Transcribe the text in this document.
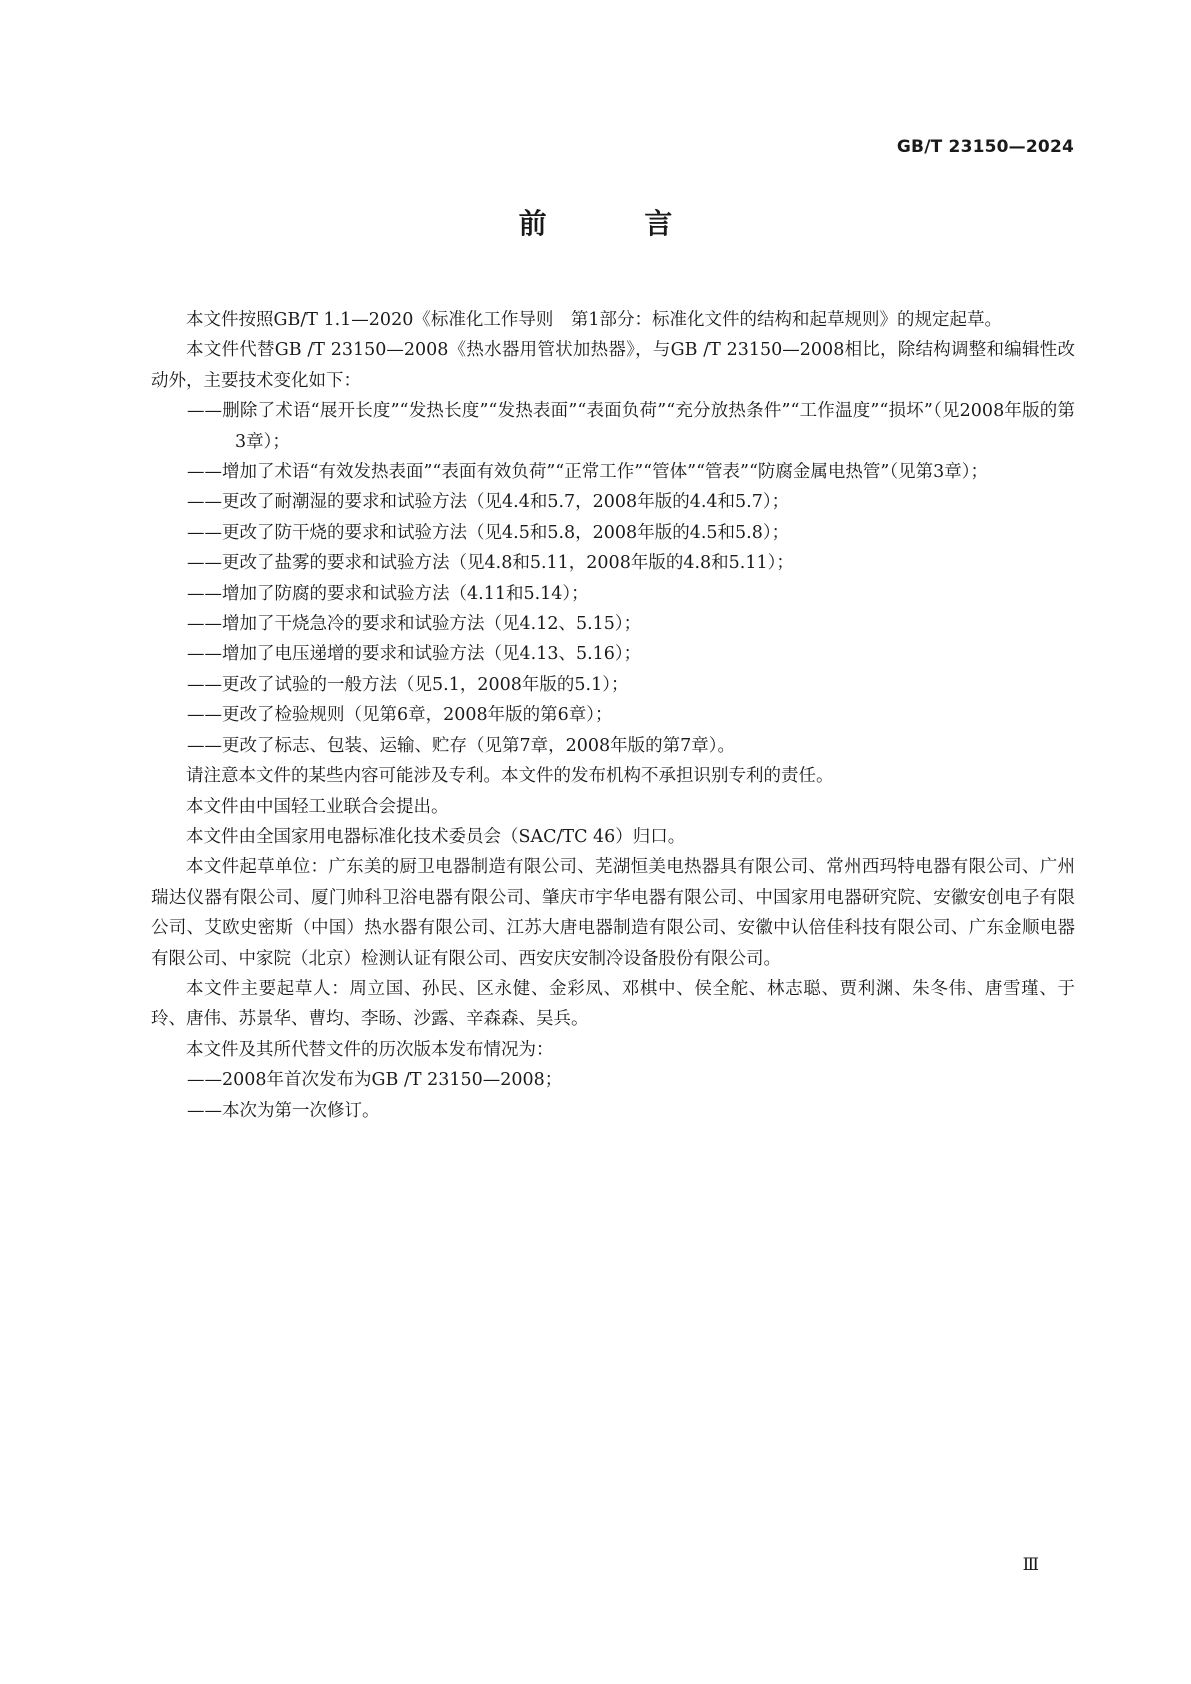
GB/T 23150—2024
前 言

本文件按照GB/T 1.1—2020《标准化工作导则　第1部分：标准化文件的结构和起草规则》的规定起草。

本文件代替GB /T 23150—2008《热水器用管状加热器》，与GB /T 23150—2008相比，除结构调整和编辑性改动外，主要技术变化如下：

——删除了术语“展开长度”“发热长度”“发热表面”“表面负荷”“充分放热条件”“工作温度”“损坏”（见2008年版的第3章）；

——增加了术语“有效发热表面”“表面有效负荷”“正常工作”“管体”“管表”“防腐金属电热管”（见第3章）；

——更改了耐潮湿的要求和试验方法（见4.4和5.7，2008年版的4.4和5.7）；

——更改了防干烧的要求和试验方法（见4.5和5.8，2008年版的4.5和5.8）；

——更改了盐雾的要求和试验方法（见4.8和5.11，2008年版的4.8和5.11）；

——增加了防腐的要求和试验方法（4.11和5.14）；

——增加了干烧急冷的要求和试验方法（见4.12、5.15）；

——增加了电压递增的要求和试验方法（见4.13、5.16）；

——更改了试验的一般方法（见5.1，2008年版的5.1）；

——更改了检验规则（见第6章，2008年版的第6章）；

——更改了标志、包装、运输、贮存（见第7章，2008年版的第7章）。

请注意本文件的某些内容可能涉及专利。本文件的发布机构不承担识别专利的责任。

本文件由中国轻工业联合会提出。

本文件由全国家用电器标准化技术委员会（SAC/TC 46）归口。

本文件起草单位：广东美的厨卫电器制造有限公司、芜湖恒美电热器具有限公司、常州西玛特电器有限公司、广州瑞达仪器有限公司、厦门帅科卫浴电器有限公司、肇庆市宇华电器有限公司、中国家用电器研究院、安徽安创电子有限公司、艾欧史密斯（中国）热水器有限公司、江苏大唐电器制造有限公司、安徽中认倍佳科技有限公司、广东金顺电器有限公司、中家院（北京）检测认证有限公司、西安庆安制冷设备股份有限公司。

本文件主要起草人：周立国、孙民、区永健、金彩凤、邓棋中、侯全舵、林志聪、贾利渊、朱冬伟、唐雪瑾、于玲、唐伟、苏景华、曹均、李旸、沙露、辛森森、吴兵。

本文件及其所代替文件的历次版本发布情况为：

——2008年首次发布为GB /T 23150—2008；

——本次为第一次修订。

Ⅲ
